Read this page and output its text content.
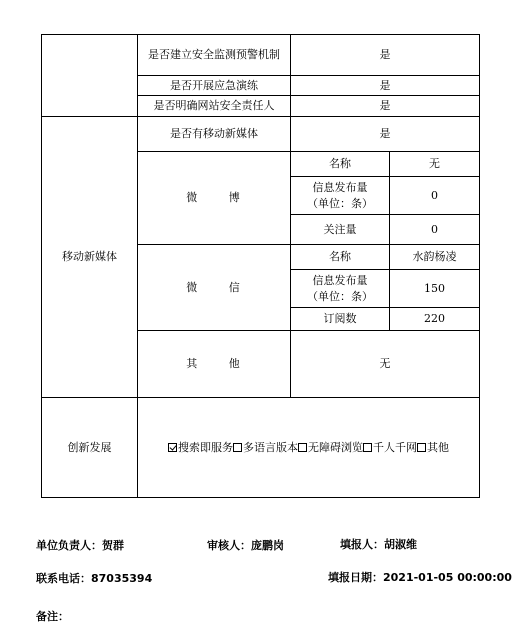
	是否建立安全监测预警机制	是	
	是否开展应急演练	是	
	是否明确网站安全责任人	是	
移动新媒体	是否有移动新媒体	是	
	微 博	名称	无
		信息发布量（单位：条）	0
		关注量	0
	微 信	名称	水韵杨凌
		信息发布量（单位：条）	150
		订阅数	220
	其 他	无	
创新发展	搜索即服务 多语言版本 无障碍浏览 千人千网 其他		
单位负责人：贺群	审核人：庞鹏岗	填报人：胡淑维
联系电话：87035394	填报日期：2021-01-05 00:00:00
备注：
